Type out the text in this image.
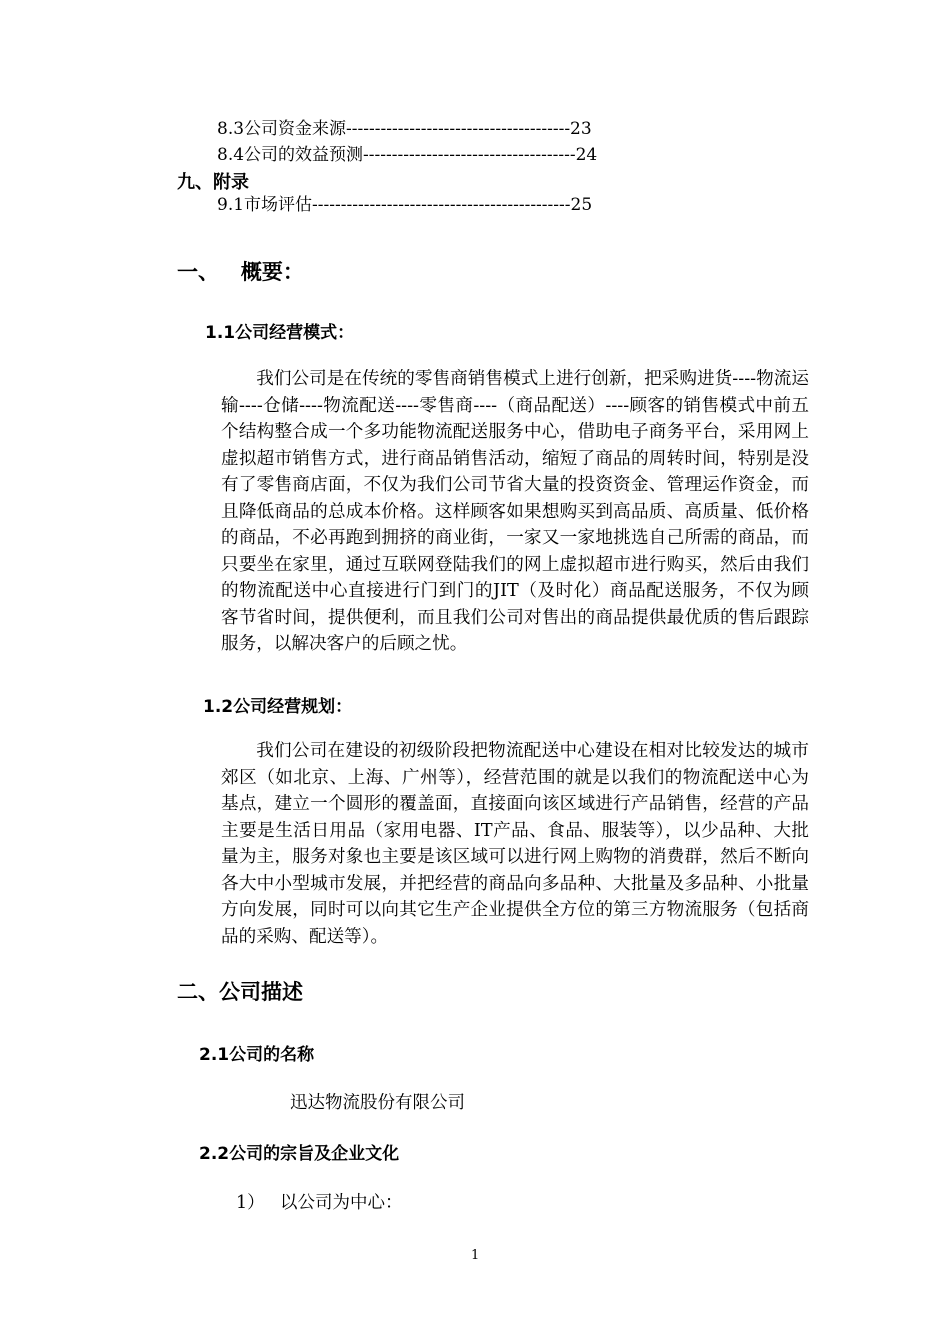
8.3公司资金来源---------------------------------------23
8.4公司的效益预测-------------------------------------24
九、附录
9.1市场评估---------------------------------------------25
一、   概要：
1.1公司经营模式：
我们公司是在传统的零售商销售模式上进行创新，把采购进货----物流运输----仓储----物流配送----零售商----（商品配送）----顾客的销售模式中前五个结构整合成一个多功能物流配送服务中心，借助电子商务平台，采用网上虚拟超市销售方式，进行商品销售活动，缩短了商品的周转时间，特别是没有了零售商店面，不仅为我们公司节省大量的投资资金、管理运作资金，而且降低商品的总成本价格。这样顾客如果想购买到高品质、高质量、低价格的商品，不必再跑到拥挤的商业街，一家又一家地挑选自己所需的商品，而只要坐在家里，通过互联网登陆我们的网上虚拟超市进行购买，然后由我们的物流配送中心直接进行门到门的JIT（及时化）商品配送服务，不仅为顾客节省时间，提供便利，而且我们公司对售出的商品提供最优质的售后跟踪服务，以解决客户的后顾之忧。
1.2公司经营规划：
我们公司在建设的初级阶段把物流配送中心建设在相对比较发达的城市郊区（如北京、上海、广州等），经营范围的就是以我们的物流配送中心为基点，建立一个圆形的覆盖面，直接面向该区域进行产品销售，经营的产品主要是生活日用品（家用电器、IT产品、食品、服装等），以少品种、大批量为主，服务对象也主要是该区域可以进行网上购物的消费群，然后不断向各大中小型城市发展，并把经营的商品向多品种、大批量及多品种、小批量方向发展，同时可以向其它生产企业提供全方位的第三方物流服务（包括商品的采购、配送等）。
二、公司描述
2.1公司的名称
迅达物流股份有限公司
2.2公司的宗旨及企业文化
1） 以公司为中心：
1
